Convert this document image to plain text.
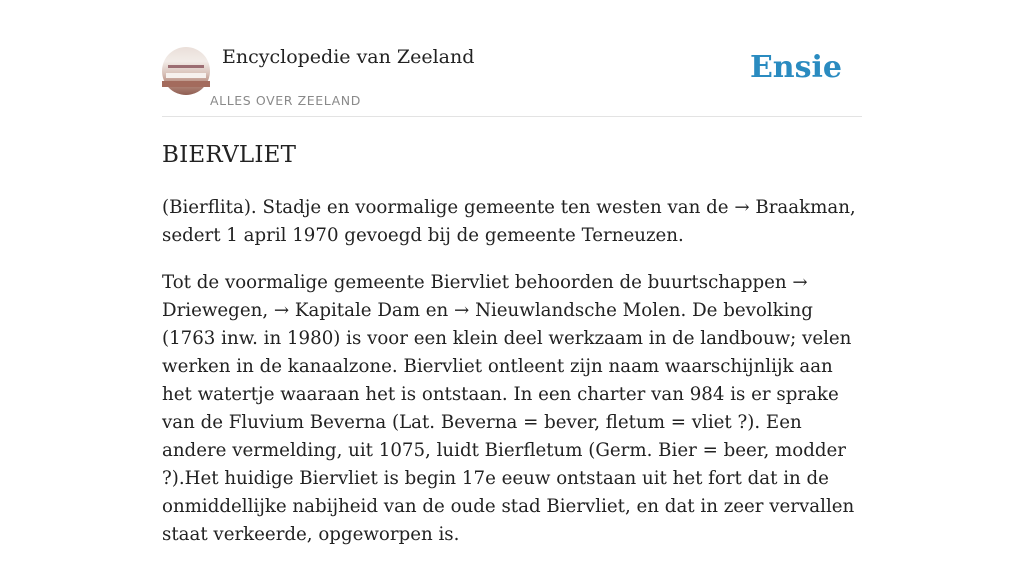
Encyclopedie van Zeeland
ALLES OVER ZEELAND
Ensie
BIERVLIET

(Bierflita). Stadje en voormalige gemeente ten westen van de → Braakman, sedert 1 april 1970 gevoegd bij de gemeente Terneuzen.

Tot de voormalige gemeente Biervliet behoorden de buurtschappen → Driewegen, → Kapitale Dam en → Nieuwlandsche Molen. De bevolking (1763 inw. in 1980) is voor een klein deel werkzaam in de landbouw; velen werken in de kanaalzone. Biervliet ontleent zijn naam waarschijnlijk aan het watertje waaraan het is ontstaan. In een charter van 984 is er sprake van de Fluvium Beverna (Lat. Beverna = bever, fletum = vliet ?). Een andere vermelding, uit 1075, luidt Bierfletum (Germ. Bier = beer, modder ?).Het huidige Biervliet is begin 17e eeuw ontstaan uit het fort dat in de onmiddellijke nabijheid van de oude stad Biervliet, en dat in zeer vervallen staat verkeerde, opgeworpen is.
